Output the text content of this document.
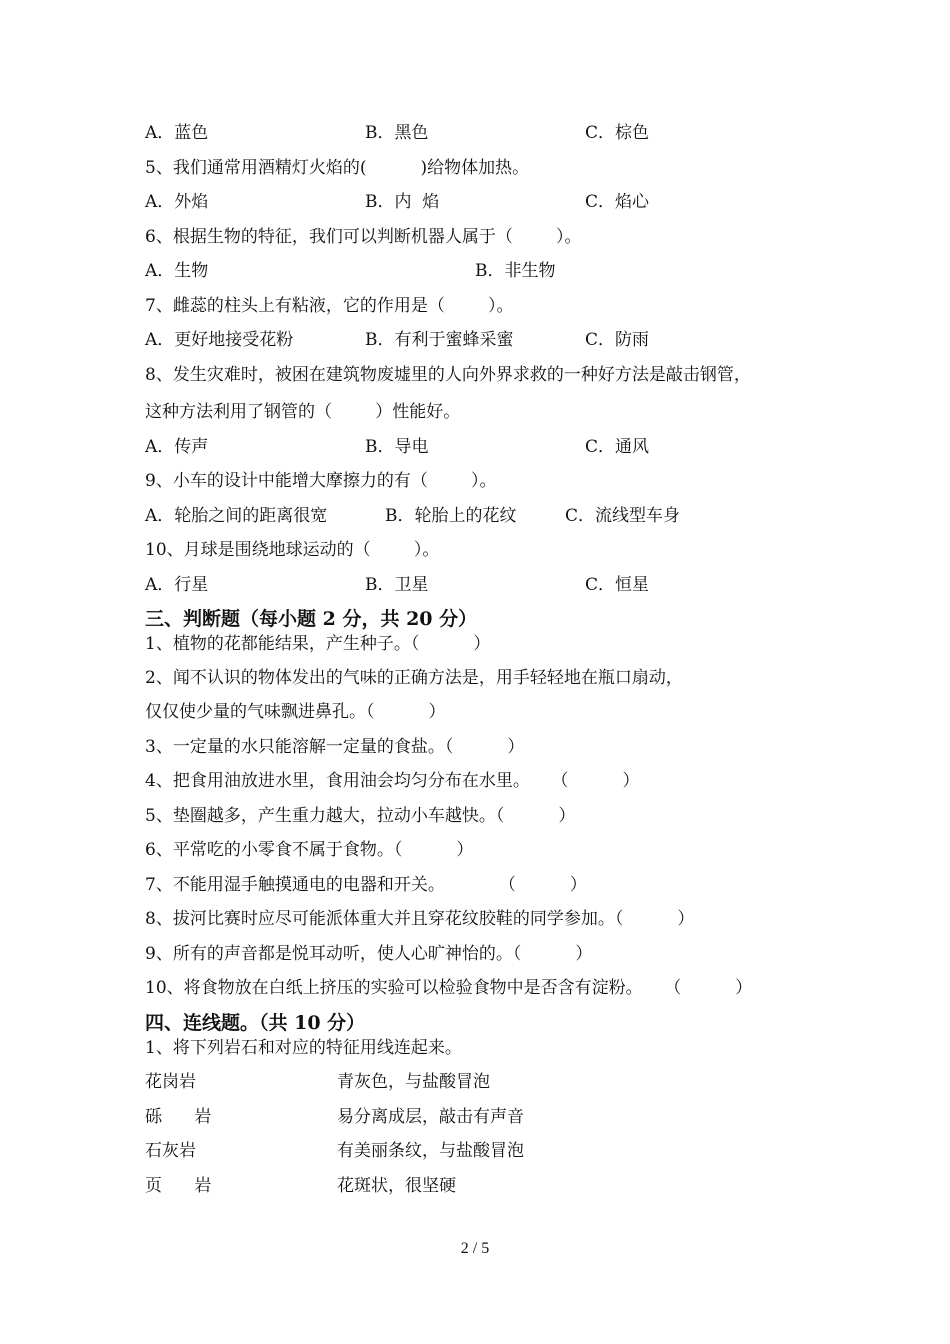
A．蓝色	B．黑色	C．棕色
5、我们通常用酒精灯火焰的(          )给物体加热。
A．外焰	B．内  焰	C．焰心
6、根据生物的特征，我们可以判断机器人属于（        ）。
A．生物	B．非生物
7、雌蕊的柱头上有粘液，它的作用是（        ）。
A．更好地接受花粉	B．有利于蜜蜂采蜜	C．防雨
8、发生灾难时，被困在建筑物废墟里的人向外界求救的一种好方法是敲击钢管，
这种方法利用了钢管的（        ）性能好。
A．传声	B．导电	C．通风
9、小车的设计中能增大摩擦力的有（        ）。
A．轮胎之间的距离很宽	B．轮胎上的花纹	C．流线型车身
10、月球是围绕地球运动的（        ）。
A．行星	B．卫星	C．恒星
三、判断题（每小题 2 分，共 20 分）
1、植物的花都能结果，产生种子。（          ）
2、闻不认识的物体发出的气味的正确方法是，用手轻轻地在瓶口扇动，
仅仅使少量的气味飘进鼻孔。（          ）
3、一定量的水只能溶解一定量的食盐。（          ）
4、把食用油放进水里，食用油会均匀分布在水里。    （          ）
5、垫圈越多，产生重力越大，拉动小车越快。（          ）
6、平常吃的小零食不属于食物。（          ）
7、不能用湿手触摸通电的电器和开关。          （          ）
8、拔河比赛时应尽可能派体重大并且穿花纹胶鞋的同学参加。（          ）
9、所有的声音都是悦耳动听，使人心旷神怡的。（          ）
10、将食物放在白纸上挤压的实验可以检验食物中是否含有淀粉。    （          ）
四、连线题。（共 10 分）
1、将下列岩石和对应的特征用线连起来。
花岗岩	青灰色，与盐酸冒泡
砾      岩	易分离成层，敲击有声音
石灰岩	有美丽条纹，与盐酸冒泡
页      岩	花斑状，很坚硬
2 / 5
